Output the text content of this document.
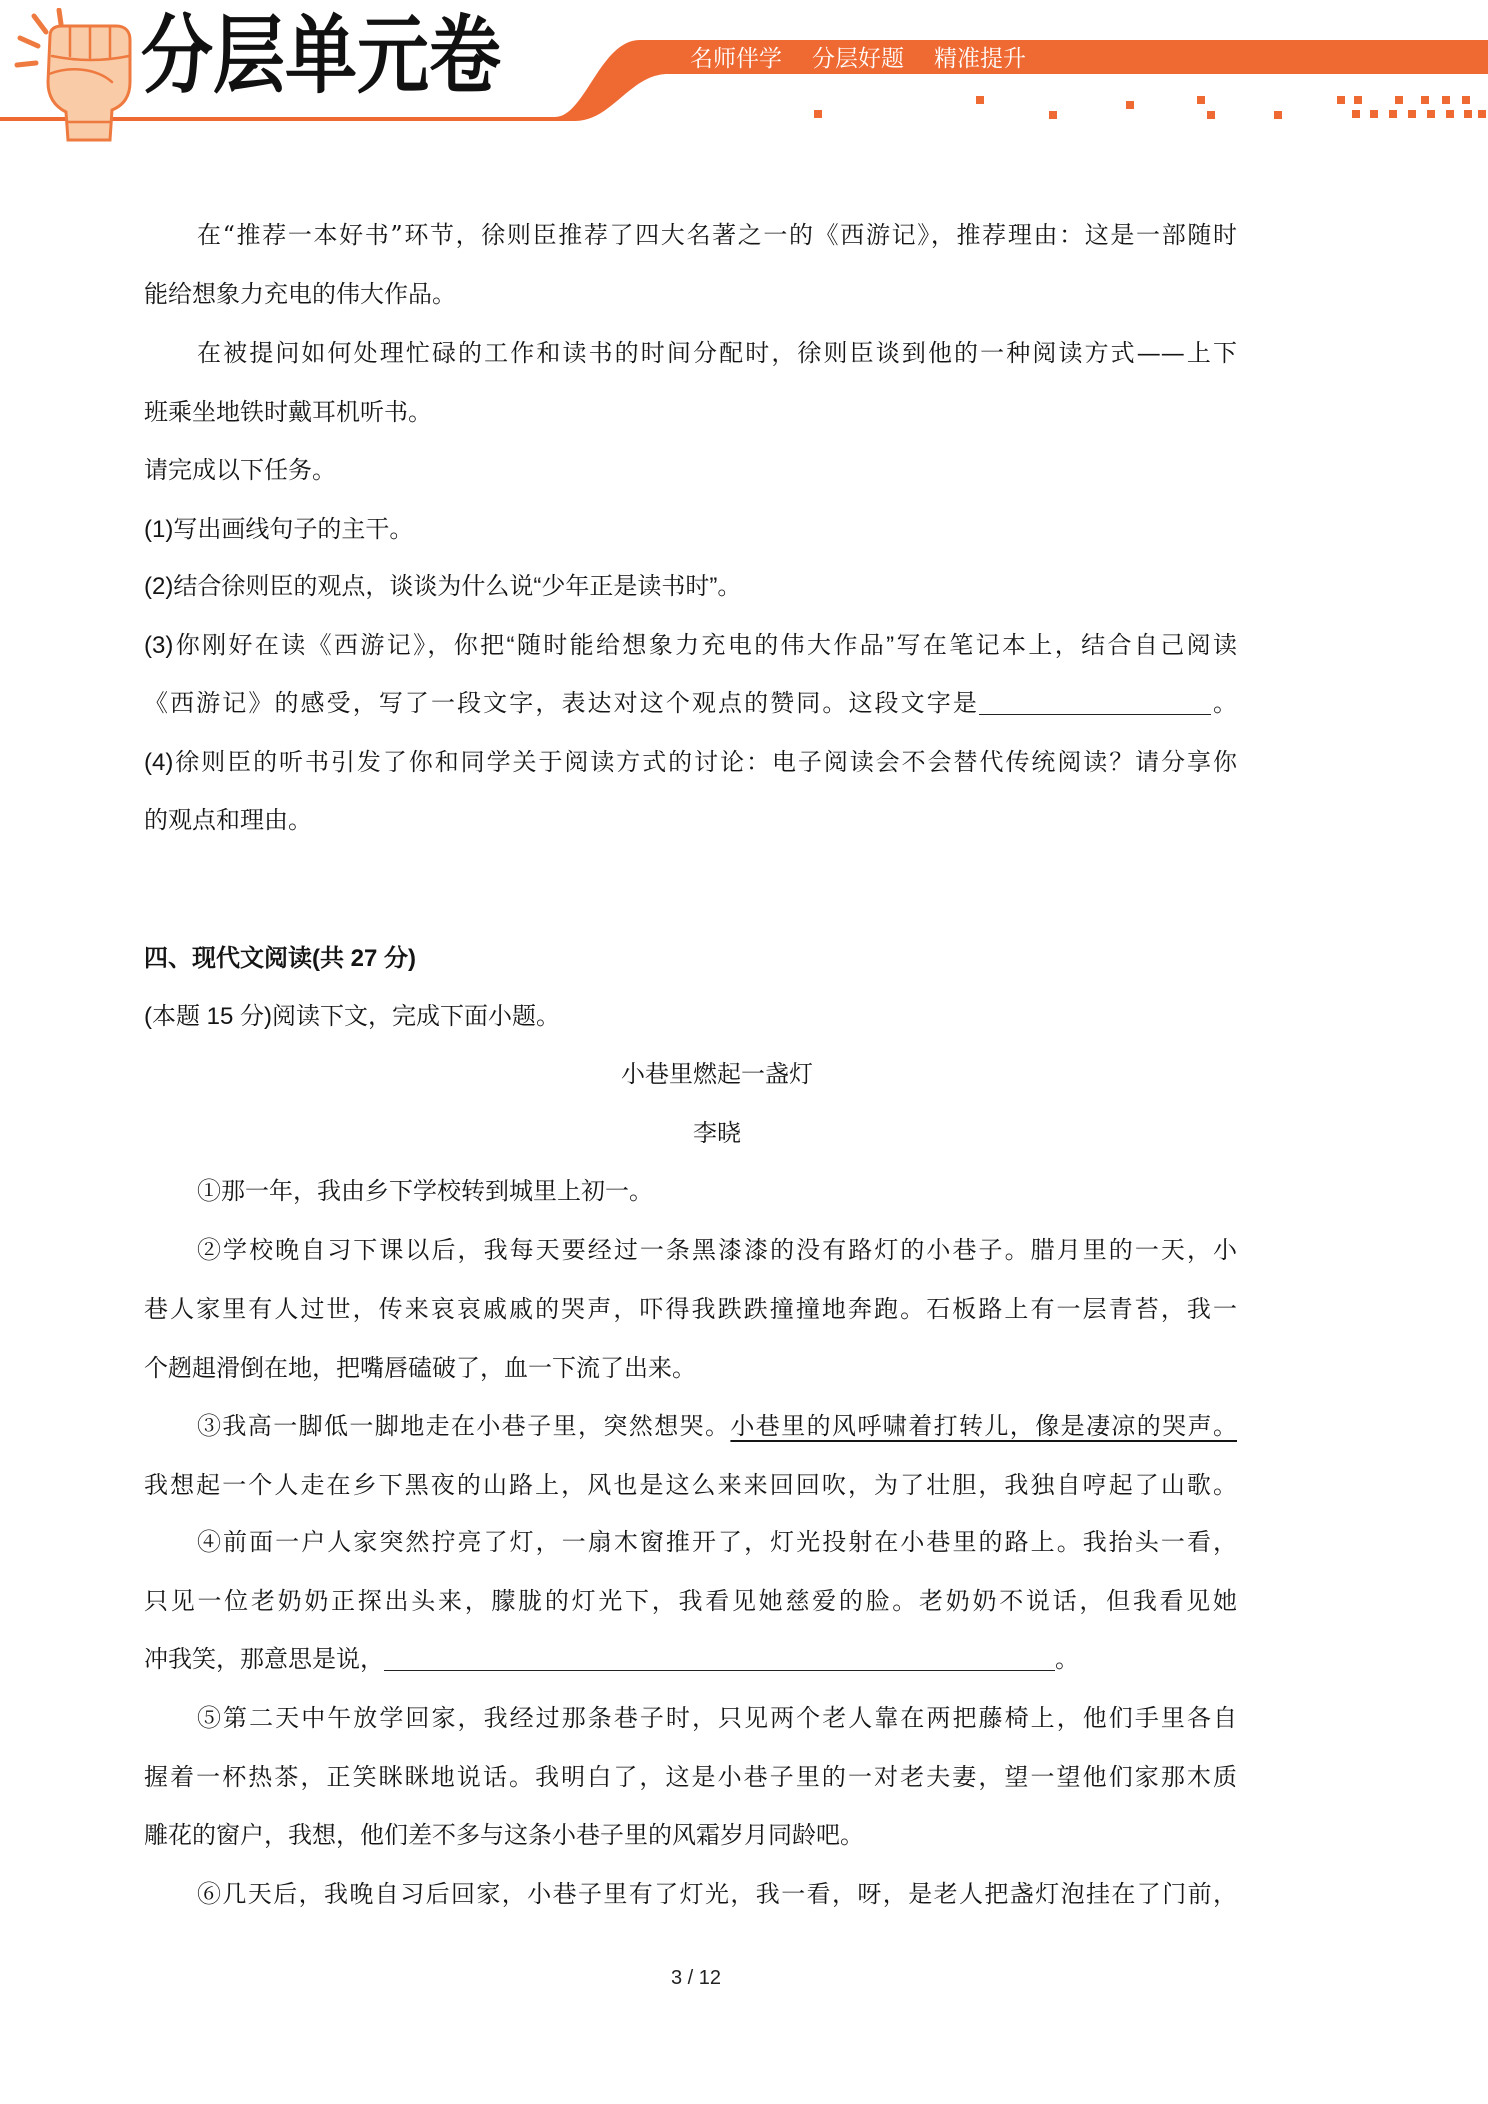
分层单元卷	名师伴学 分层好题 精准提升
在“推荐一本好书”环节，徐则臣推荐了四大名著之一的《西游记》，推荐理由：这是一部随时
能给想象力充电的伟大作品。
在被提问如何处理忙碌的工作和读书的时间分配时，徐则臣谈到他的一种阅读方式——上下
班乘坐地铁时戴耳机听书。
请完成以下任务。
(1)写出画线句子的主干。
(2)结合徐则臣的观点，谈谈为什么说“少年正是读书时”。
(3)你刚好在读《西游记》，你把“随时能给想象力充电的伟大作品”写在笔记本上，结合自己阅读
《西游记》的感受，写了一段文字，表达对这个观点的赞同。这段文字是	。
(4)徐则臣的听书引发了你和同学关于阅读方式的讨论：电子阅读会不会替代传统阅读？请分享你
的观点和理由。
四、现代文阅读(共 27 分)
(本题 15 分)阅读下文，完成下面小题。
小巷里燃起一盏灯
李晓
①那一年，我由乡下学校转到城里上初一。
②学校晚自习下课以后，我每天要经过一条黑漆漆的没有路灯的小巷子。腊月里的一天，小
巷人家里有人过世，传来哀哀戚戚的哭声，吓得我跌跌撞撞地奔跑。石板路上有一层青苔，我一
个趔趄滑倒在地，把嘴唇磕破了，血一下流了出来。
③我高一脚低一脚地走在小巷子里，突然想哭。小巷里的风呼啸着打转儿，像是凄凉的哭声。
我想起一个人走在乡下黑夜的山路上，风也是这么来来回回吹，为了壮胆，我独自哼起了山歌。
④前面一户人家突然拧亮了灯，一扇木窗推开了，灯光投射在小巷里的路上。我抬头一看，
只见一位老奶奶正探出头来，朦胧的灯光下，我看见她慈爱的脸。老奶奶不说话，但我看见她
冲我笑，那意思是说，	。
⑤第二天中午放学回家，我经过那条巷子时，只见两个老人靠在两把藤椅上，他们手里各自
握着一杯热茶，正笑眯眯地说话。我明白了，这是小巷子里的一对老夫妻，望一望他们家那木质
雕花的窗户，我想，他们差不多与这条小巷子里的风霜岁月同龄吧。
⑥几天后，我晚自习后回家，小巷子里有了灯光，我一看，呀，是老人把盏灯泡挂在了门前，
3 / 12
